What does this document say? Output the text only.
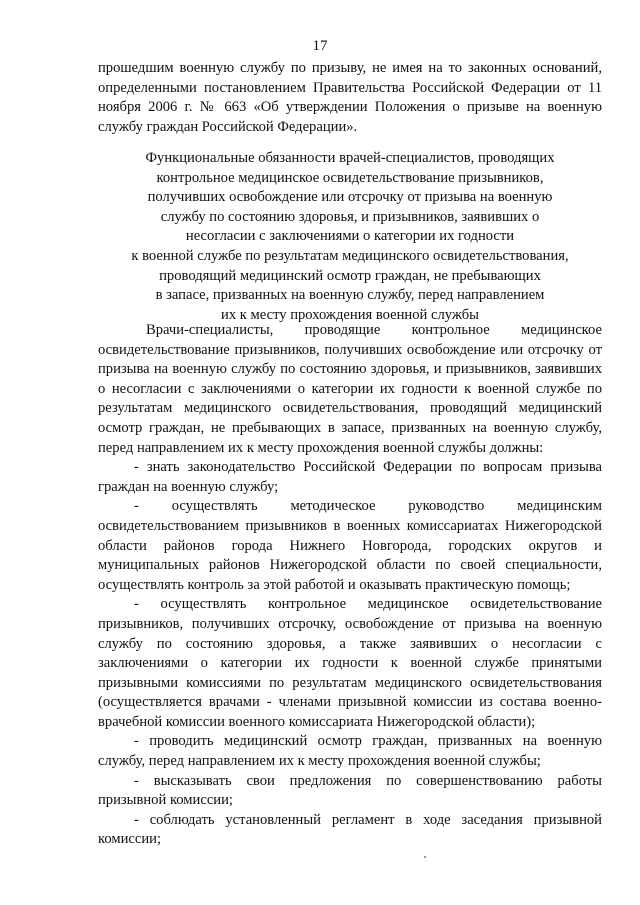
17
прошедшим военную службу по призыву, не имея на то законных оснований, определенными постановлением Правительства Российской Федерации от 11 ноября 2006 г. № 663 «Об утверждении Положения о призыве на военную службу граждан Российской Федерации».
Функциональные обязанности врачей-специалистов, проводящих
контрольное медицинское освидетельствование призывников,
получивших освобождение или отсрочку от призыва на военную
службу по состоянию здоровья, и призывников, заявивших о
несогласии с заключениями о категории их годности
к военной службе по результатам медицинского освидетельствования,
проводящий медицинский осмотр граждан, не пребывающих
в запасе, призванных на военную службу, перед направлением
их к месту прохождения военной службы

Врачи-специалисты, проводящие контрольное медицинское освидетельствование призывников, получивших освобождение или отсрочку от призыва на военную службу по состоянию здоровья, и призывников, заявивших о несогласии с заключениями о категории их годности к военной службе по результатам медицинского освидетельствования, проводящий медицинский осмотр граждан, не пребывающих в запасе, призванных на военную службу, перед направлением их к месту прохождения военной службы должны:

- знать законодательство Российской Федерации по вопросам призыва граждан на военную службу;

- осуществлять методическое руководство медицинским освидетельствованием призывников в военных комиссариатах Нижегородской области районов города Нижнего Новгорода, городских округов и муниципальных районов Нижегородской области по своей специальности, осуществлять контроль за этой работой и оказывать практическую помощь;

- осуществлять контрольное медицинское освидетельствование призывников, получивших отсрочку, освобождение от призыва на военную службу по состоянию здоровья, а также заявивших о несогласии с заключениями о категории их годности к военной службе принятыми призывными комиссиями по результатам медицинского освидетельствования (осуществляется врачами - членами призывной комиссии из состава военно-врачебной комиссии военного комиссариата Нижегородской области);

- проводить медицинский осмотр граждан, призванных на военную службу, перед направлением их к месту прохождения военной службы;

- высказывать свои предложения по совершенствованию работы призывной комиссии;

- соблюдать установленный регламент в ходе заседания призывной комиссии;
